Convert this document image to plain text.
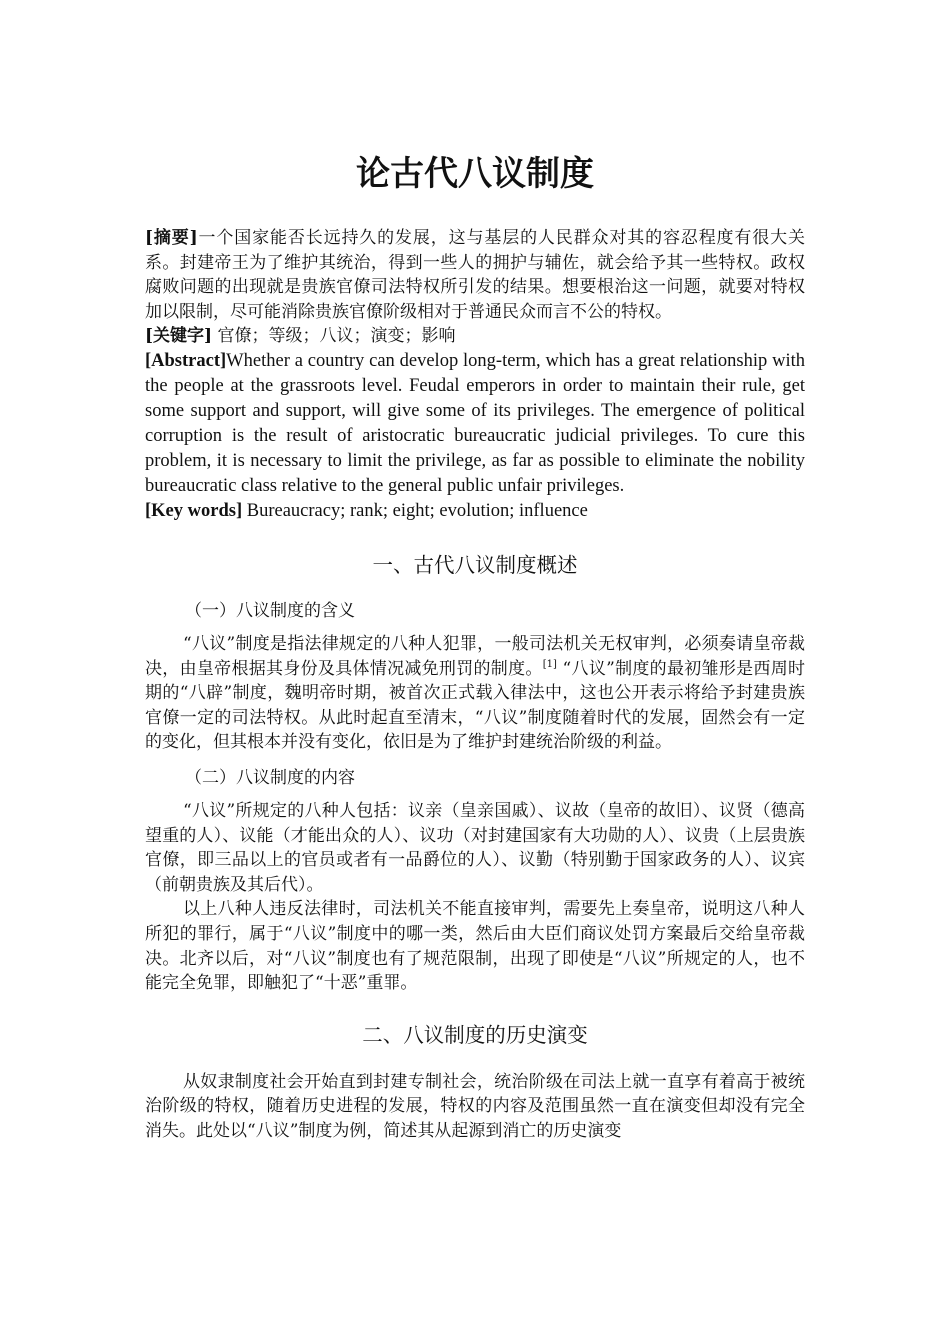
论古代八议制度

[摘要]一个国家能否长远持久的发展，这与基层的人民群众对其的容忍程度有很大关系。封建帝王为了维护其统治，得到一些人的拥护与辅佐，就会给予其一些特权。政权腐败问题的出现就是贵族官僚司法特权所引发的结果。想要根治这一问题，就要对特权加以限制，尽可能消除贵族官僚阶级相对于普通民众而言不公的特权。

[关键字] 官僚；等级；八议；演变；影响

[Abstract]Whether a country can develop long-term, which has a great relationship with the people at the grassroots level. Feudal emperors in order to maintain their rule, get some support and support, will give some of its privileges. The emergence of political corruption is the result of aristocratic bureaucratic judicial privileges. To cure this problem, it is necessary to limit the privilege, as far as possible to eliminate the nobility bureaucratic class relative to the general public unfair privileges.

[Key words] Bureaucracy; rank; eight; evolution; influence

一、古代八议制度概述
（一）八议制度的含义

“八议”制度是指法律规定的八种人犯罪，一般司法机关无权审判，必须奏请皇帝裁决，由皇帝根据其身份及具体情况减免刑罚的制度。[1] “八议”制度的最初雏形是西周时期的“八辟”制度，魏明帝时期，被首次正式载入律法中，这也公开表示将给予封建贵族官僚一定的司法特权。从此时起直至清末，“八议”制度随着时代的发展，固然会有一定的变化，但其根本并没有变化，依旧是为了维护封建统治阶级的利益。

（二）八议制度的内容

“八议”所规定的八种人包括：议亲（皇亲国戚）、议故（皇帝的故旧）、议贤（德高望重的人）、议能（才能出众的人）、议功（对封建国家有大功勋的人）、议贵（上层贵族官僚，即三品以上的官员或者有一品爵位的人）、议勤（特别勤于国家政务的人）、议宾（前朝贵族及其后代）。

以上八种人违反法律时，司法机关不能直接审判，需要先上奏皇帝，说明这八种人所犯的罪行，属于“八议”制度中的哪一类，然后由大臣们商议处罚方案最后交给皇帝裁决。北齐以后，对“八议”制度也有了规范限制，出现了即使是“八议”所规定的人，也不能完全免罪，即触犯了“十恶”重罪。

二、八议制度的历史演变

从奴隶制度社会开始直到封建专制社会，统治阶级在司法上就一直享有着高于被统治阶级的特权，随着历史进程的发展，特权的内容及范围虽然一直在演变但却没有完全消失。此处以“八议”制度为例，简述其从起源到消亡的历史演变
